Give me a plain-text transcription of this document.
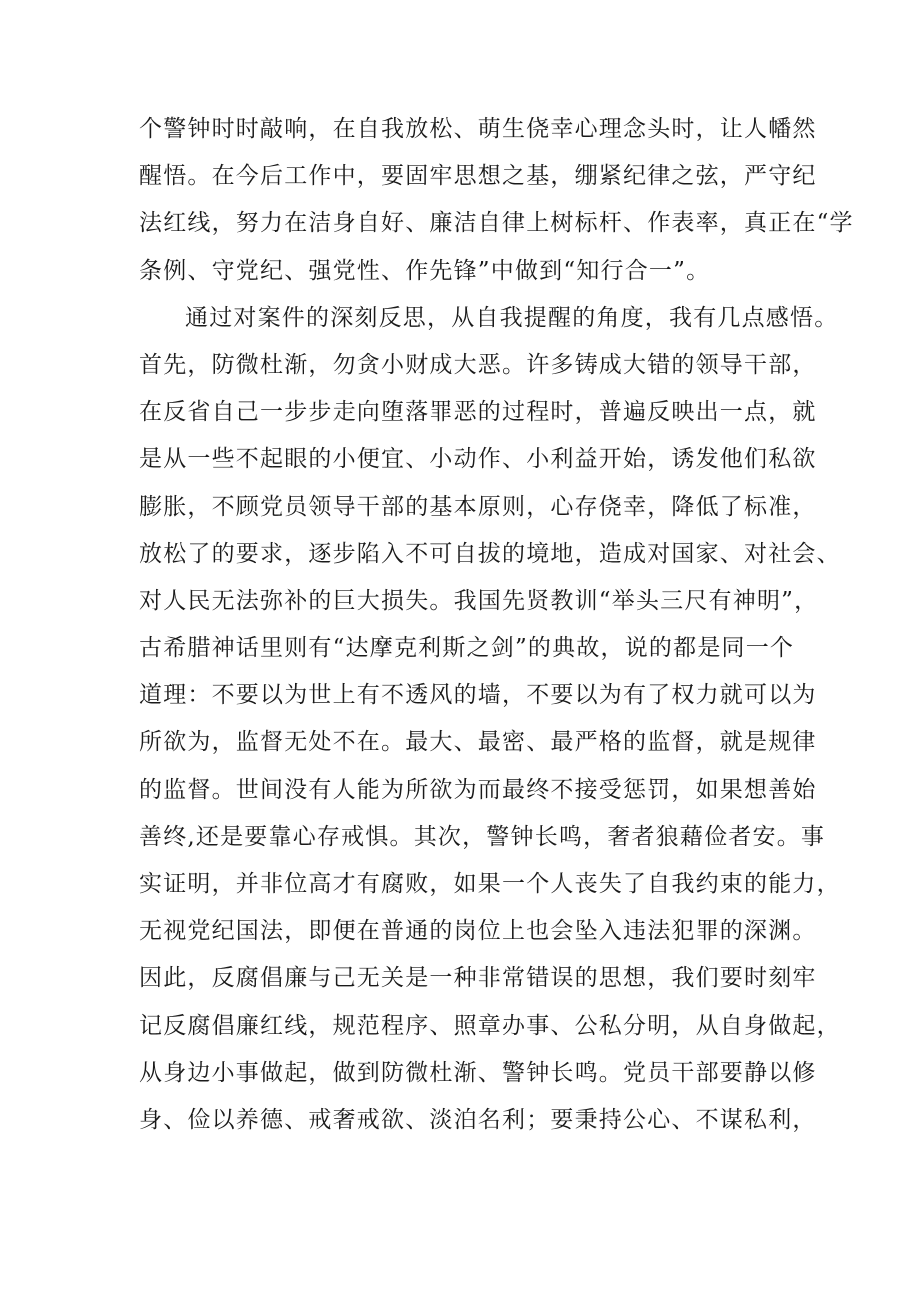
个警钟时时敲响，在自我放松、萌生侥幸心理念头时，让人幡然
醒悟。在今后工作中，要固牢思想之基，绷紧纪律之弦，严守纪
法红线，努力在洁身自好、廉洁自律上树标杆、作表率，真正在“学
条例、守党纪、强党性、作先锋”中做到“知行合一”。
通过对案件的深刻反思，从自我提醒的角度，我有几点感悟。
首先，防微杜渐，勿贪小财成大恶。许多铸成大错的领导干部，
在反省自己一步步走向堕落罪恶的过程时，普遍反映出一点，就
是从一些不起眼的小便宜、小动作、小利益开始，诱发他们私欲
膨胀，不顾党员领导干部的基本原则，心存侥幸，降低了标准，
放松了的要求，逐步陷入不可自拔的境地，造成对国家、对社会、
对人民无法弥补的巨大损失。我国先贤教训“举头三尺有神明”，
古希腊神话里则有“达摩克利斯之剑”的典故，说的都是同一个
道理：不要以为世上有不透风的墙，不要以为有了权力就可以为
所欲为，监督无处不在。最大、最密、最严格的监督，就是规律
的监督。世间没有人能为所欲为而最终不接受惩罚，如果想善始
善终,还是要靠心存戒惧。其次，警钟长鸣，奢者狼藉俭者安。事
实证明，并非位高才有腐败，如果一个人丧失了自我约束的能力，
无视党纪国法，即便在普通的岗位上也会坠入违法犯罪的深渊。
因此，反腐倡廉与己无关是一种非常错误的思想，我们要时刻牢
记反腐倡廉红线，规范程序、照章办事、公私分明，从自身做起，
从身边小事做起，做到防微杜渐、警钟长鸣。党员干部要静以修
身、俭以养德、戒奢戒欲、淡泊名利；要秉持公心、不谋私利，
